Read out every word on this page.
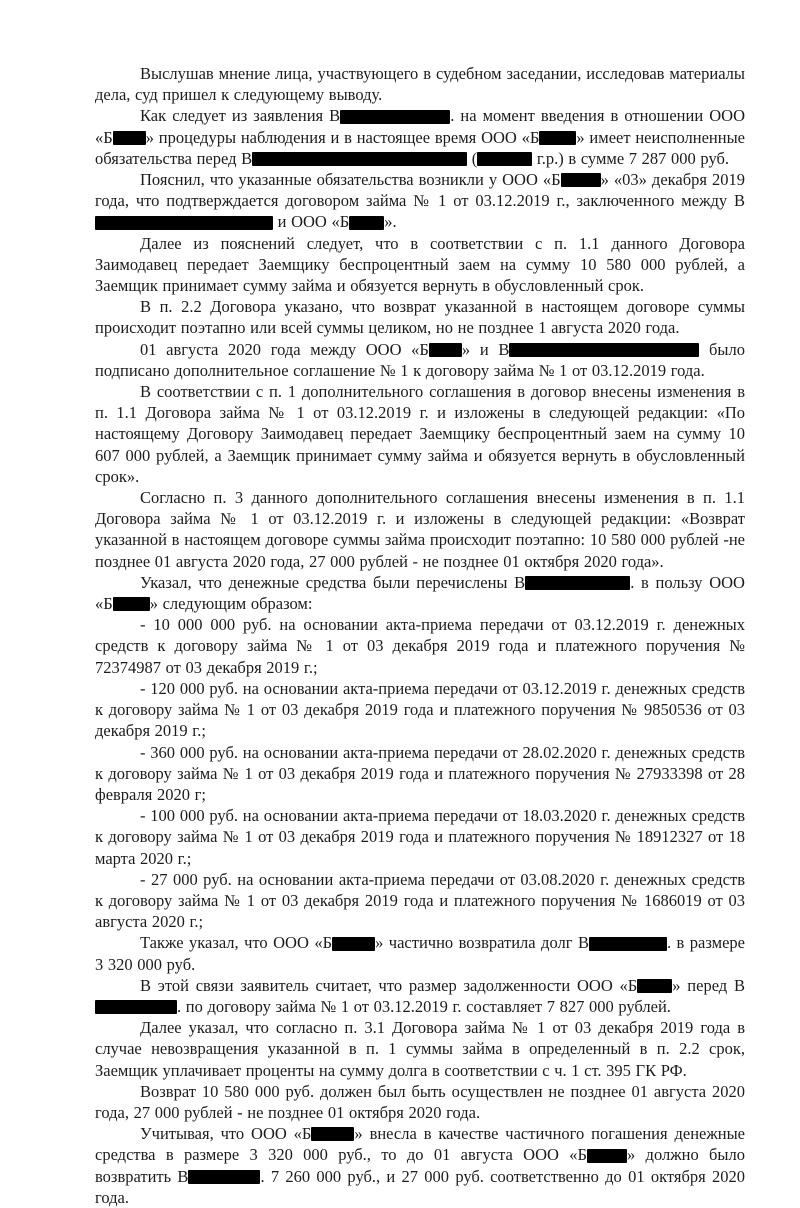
Выслушав мнение лица, участвующего в судебном заседании, исследовав материалы дела, суд пришел к следующему выводу.

Как следует из заявления В	. на момент введения в отношении ООО «Б » процедуры наблюдения и в настоящее время ООО «Б » имеет неисполненные обязательства перед В	(	г.р.) в сумме 7 287 000 руб.

Пояснил, что указанные обязательства возникли у ООО «Б » «03» декабря 2019 года, что подтверждается договором займа № 1 от 03.12.2019 г., заключенного между В и ООО «Б ».

Далее из пояснений следует, что в соответствии с п. 1.1 данного Договора Заимодавец передает Заемщику беспроцентный заем на сумму 10 580 000 рублей, а Заемщик принимает сумму займа и обязуется вернуть в обусловленный срок.

В п. 2.2 Договора указано, что возврат указанной в настоящем договоре суммы происходит поэтапно или всей суммы целиком, но не позднее 1 августа 2020 года.

01 августа 2020 года между ООО «Б » и В	было подписано дополнительное соглашение № 1 к договору займа № 1 от 03.12.2019 года.

В соответствии с п. 1 дополнительного соглашения в договор внесены изменения в п. 1.1 Договора займа № 1 от 03.12.2019 г. и изложены в следующей редакции: «По настоящему Договору Заимодавец передает Заемщику беспроцентный заем на сумму 10 607 000 рублей, а Заемщик принимает сумму займа и обязуется вернуть в обусловленный срок».

Согласно п. 3 данного дополнительного соглашения внесены изменения в п. 1.1 Договора займа № 1 от 03.12.2019 г. и изложены в следующей редакции: «Возврат указанной в настоящем договоре суммы займа происходит поэтапно: 10 580 000 рублей -не позднее 01 августа 2020 года, 27 000 рублей - не позднее 01 октября 2020 года».

Указал, что денежные средства были перечислены В	. в пользу ООО «Б » следующим образом:

- 10 000 000 руб. на основании акта-приема передачи от 03.12.2019 г. денежных средств к договору займа № 1 от 03 декабря 2019 года и платежного поручения № 72374987 от 03 декабря 2019 г.;

- 120 000 руб. на основании акта-приема передачи от 03.12.2019 г. денежных средств к договору займа № 1 от 03 декабря 2019 года и платежного поручения № 9850536 от 03 декабря 2019 г.;

- 360 000 руб. на основании акта-приема передачи от 28.02.2020 г. денежных средств к договору займа № 1 от 03 декабря 2019 года и платежного поручения № 27933398 от 28 февраля 2020 г;

- 100 000 руб. на основании акта-приема передачи от 18.03.2020 г. денежных средств к договору займа № 1 от 03 декабря 2019 года и платежного поручения № 18912327 от 18 марта 2020 г.;

- 27 000 руб. на основании акта-приема передачи от 03.08.2020 г. денежных средств к договору займа № 1 от 03 декабря 2019 года и платежного поручения № 1686019 от 03 августа 2020 г.;

Также указал, что ООО «Б	» частично возвратила долг В	. в размере 3 320 000 руб.

В этой связи заявитель считает, что размер задолженности ООО «Б » перед В. по договору займа № 1 от 03.12.2019 г. составляет 7 827 000 рублей.

Далее указал, что согласно п. 3.1 Договора займа № 1 от 03 декабря 2019 года в случае невозвращения указанной в п. 1 суммы займа в определенный в п. 2.2 срок, Заемщик уплачивает проценты на сумму долга в соответствии с ч. 1 ст. 395 ГК РФ.

Возврат 10 580 000 руб. должен был быть осуществлен не позднее 01 августа 2020 года, 27 000 рублей - не позднее 01 октября 2020 года.

Учитывая, что ООО «Б	» внесла в качестве частичного погашения денежные средства в размере 3 320 000 руб., то до 01 августа ООО «Б » должно было возвратить В	. 7 260 000 руб., и 27 000 руб. соответственно до 01 октября 2020 года.
